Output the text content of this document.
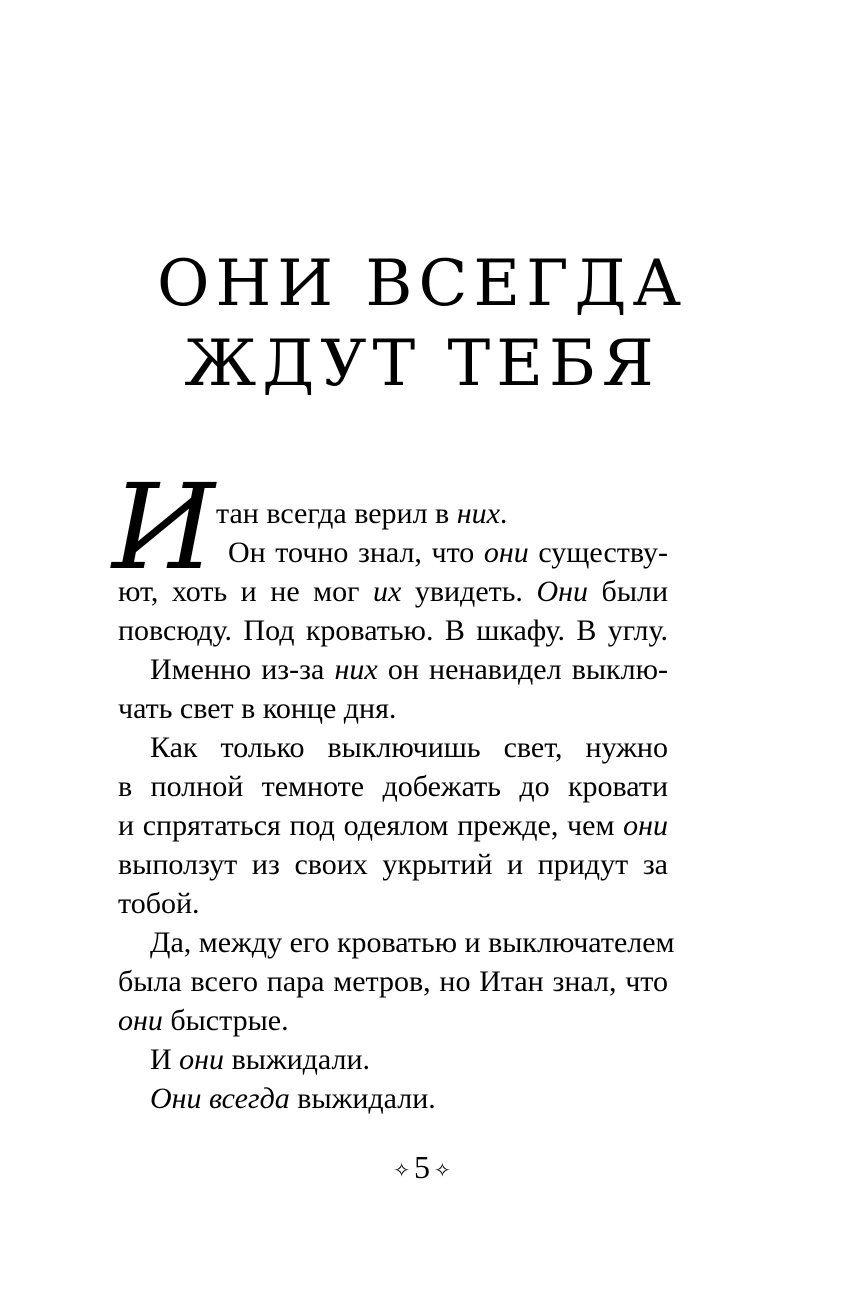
ОНИ ВСЕГДА
ЖДУТ ТЕБЯ
И тан всегда верил в них.
Он точно знал, что они существу-
ют, хоть и не мог их увидеть. Они были
повсюду. Под кроватью. В шкафу. В углу.
Именно из-за них он ненавидел выклю-
чать свет в конце дня.
Как только выключишь свет, нужно
в полной темноте добежать до кровати
и спрятаться под одеялом прежде, чем они
выползут из своих укрытий и придут за
тобой.
Да, между его кроватью и выключателем
была всего пара метров, но Итан знал, что
они быстрые.
И они выжидали.
Они всегда выжидали.
✧ 5 ✧
